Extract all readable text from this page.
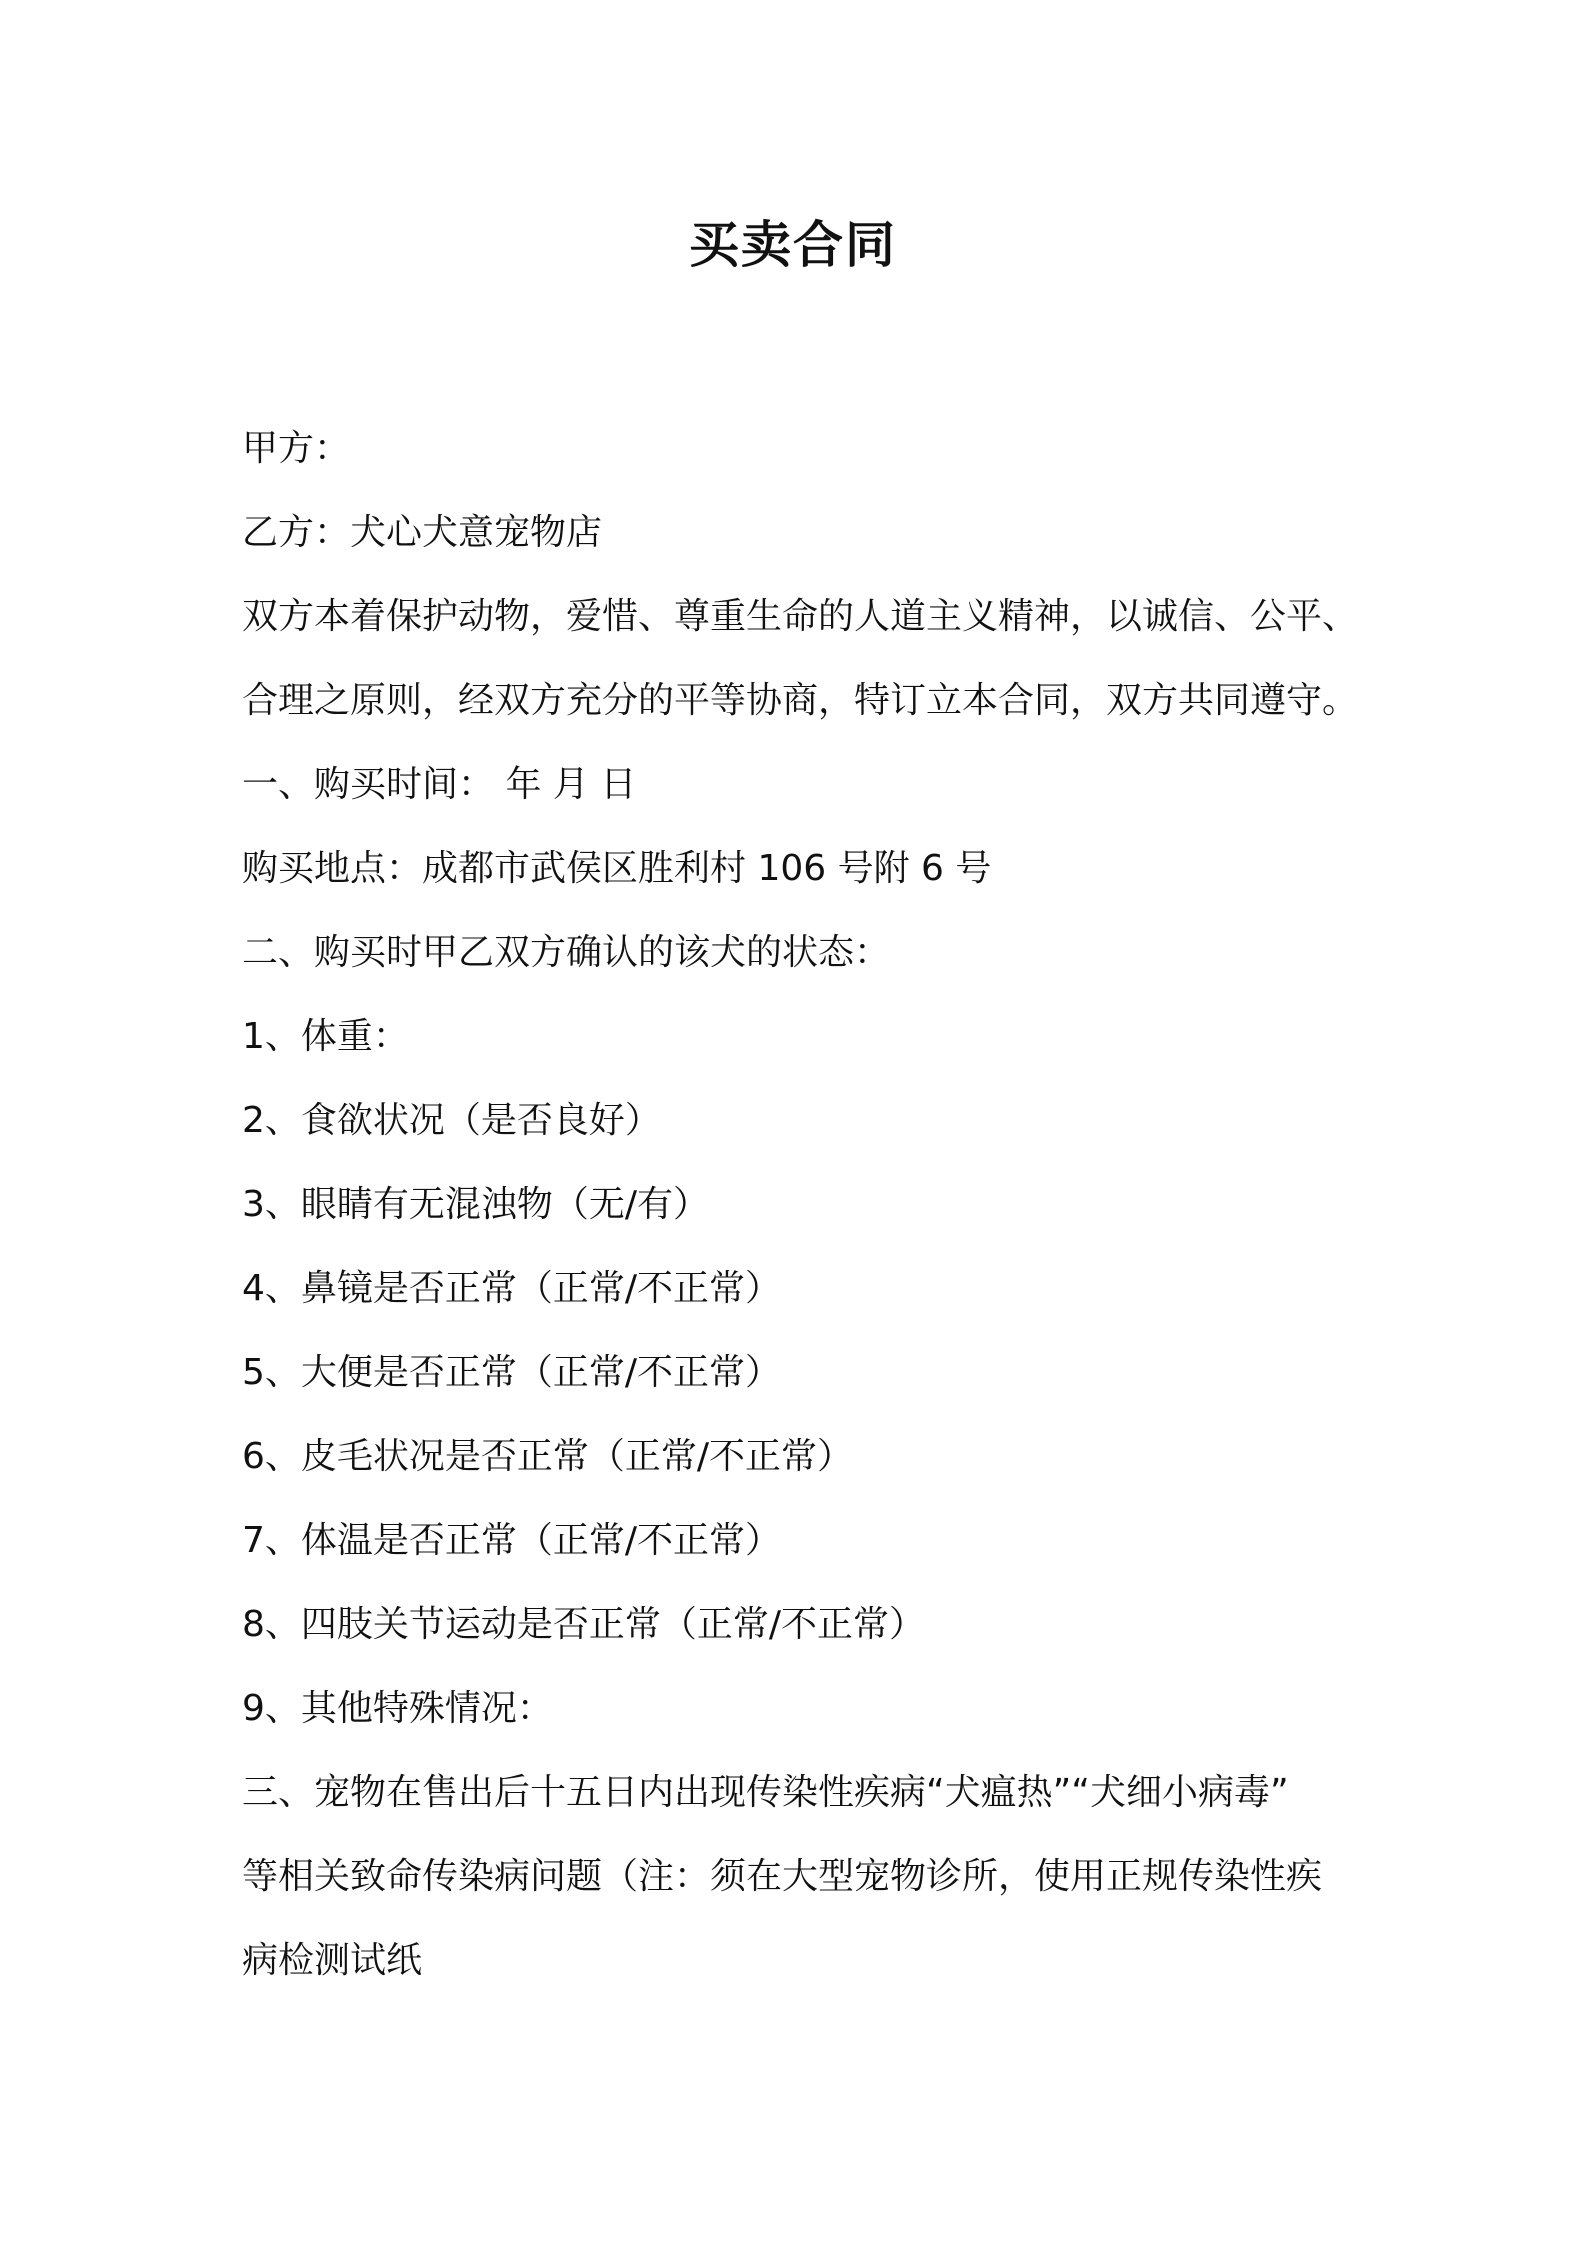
买卖合同
甲方：
乙方：犬心犬意宠物店
双方本着保护动物，爱惜、尊重生命的人道主义精神，以诚信、公平、
合理之原则，经双方充分的平等协商，特订立本合同，双方共同遵守。
一、购买时间： 年 月 日
购买地点：成都市武侯区胜利村 106 号附 6 号
二、购买时甲乙双方确认的该犬的状态：
1、体重：
2、食欲状况（是否良好）
3、眼睛有无混浊物（无/有）
4、鼻镜是否正常（正常/不正常）
5、大便是否正常（正常/不正常）
6、皮毛状况是否正常（正常/不正常）
7、体温是否正常（正常/不正常）
8、四肢关节运动是否正常（正常/不正常）
9、其他特殊情况：
三、宠物在售出后十五日内出现传染性疾病“犬瘟热”“犬细小病毒”
等相关致命传染病问题（注：须在大型宠物诊所，使用正规传染性疾
病检测试纸
